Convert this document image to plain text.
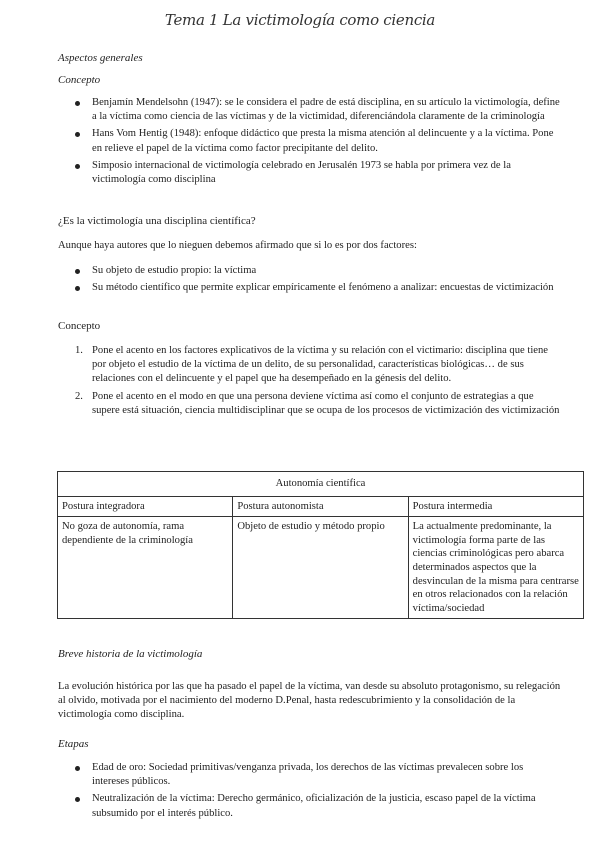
Tema 1 La victimología como ciencia
Aspectos generales
Concepto
Benjamín Mendelsohn (1947): se le considera el padre de está disciplina, en su artículo la victimología, define a la víctima como ciencia de las víctimas y de la victimidad, diferenciándola claramente de la criminología
Hans Vom Hentig (1948): enfoque didáctico que presta la misma atención al delincuente y a la víctima. Pone en relieve el papel de la víctima como factor precipitante del delito.
Simposio internacional de victimología celebrado en Jerusalén 1973 se habla por primera vez de la victimología como disciplina
¿Es la victimología una disciplina científica?

Aunque haya autores que lo nieguen debemos afirmado que si lo es por dos factores:

Su objeto de estudio propio: la víctima
Su método científico que permite explicar empíricamente el fenómeno a analizar: encuestas de victimización
Concepto
1. Pone el acento en los factores explicativos de la víctima y su relación con el victimario: disciplina que tiene por objeto el estudio de la víctima de un delito, de su personalidad, características biológicas… de sus relaciones con el delincuente y el papel que ha desempeñado en la génesis del delito.
2. Pone el acento en el modo en que una persona deviene víctima así como el conjunto de estrategias a que supere está situación, ciencia multidisciplinar que se ocupa de los procesos de victimización des victimización
Autonomía científica		
Postura integradora	Postura autonomista	Postura intermedia
No goza de autonomía, rama dependiente de la criminología	Objeto de estudio y método propio	La actualmente predominante, la victimología forma parte de las ciencias criminológicas pero abarca determinados aspectos que la desvinculan de la misma para centrarse en otros relacionados con la relación víctima/sociedad
Breve historia de la victimología

La evolución histórica por las que ha pasado el papel de la víctima, van desde su absoluto protagonismo, su relegación al olvido, motivada por el nacimiento del moderno D.Penal, hasta redescubrimiento y la consolidación de la victimología como disciplina.

Etapas
Edad de oro: Sociedad primitivas/venganza privada, los derechos de las víctimas prevalecen sobre los intereses públicos.
Neutralización de la víctima: Derecho germánico, oficialización de la justicia, escaso papel de la víctima subsumido por el interés público.
